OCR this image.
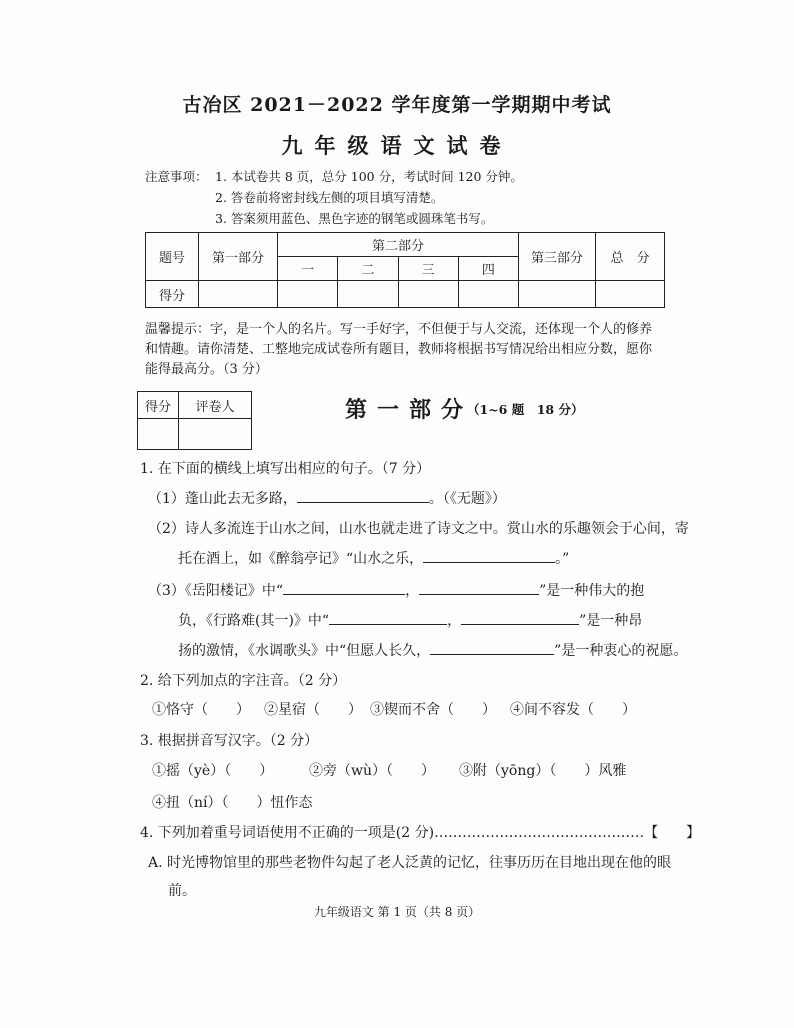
古冶区 2021－2022 学年度第一学期期中考试
九年级语文试卷
注意事项： 1. 本试卷共 8 页，总分 100 分，考试时间 120 分钟。
2. 答卷前将密封线左侧的项目填写清楚。
3. 答案须用蓝色、黑色字迹的钢笔或圆珠笔书写。
题号	第一部分	第二部分				第三部分	总　分
		一	二	三	四		
得分							
温馨提示：字，是一个人的名片。写一手好字，不但便于与人交流，还体现一个人的修养
和情趣。请你清楚、工整地完成试卷所有题目，教师将根据书写情况给出相应分数，愿你
能得最高分。（3 分）
得分	评卷人
		第一部分
（1~6 题　18 分）
1. 在下面的横线上填写出相应的句子。（7 分）
（1）蓬山此去无多路，	。（《无题》）
（2）诗人多流连于山水之间，山水也就走进了诗文之中。赏山水的乐趣领会于心间，寄
托在酒上，如《醉翁亭记》“山水之乐，	。”
（3）《岳阳楼记》中“	，	”是一种伟大的抱
负，《行路难(其一)》中“	，	”是一种昂
扬的激情，《水调歌头》中“但愿人长久，	”是一种衷心的祝愿。
2. 给下列加点的字注音。（2 分）
①恪守（　　） ②星宿（　　） ③锲而不舍（　　） ④间不容发（　　）
3. 根据拼音写汉字。（2 分）
①摇（yè）（　　）	②旁（wù）（　　） ③附（yōng）（　　）风雅
④扭（ní）（　　）忸作态
4. 下列加着重号词语使用不正确的一项是(2 分)………………………………………【　　】
A. 时光博物馆里的那些老物件勾起了老人泛黄的记忆，往事历历在目地出现在他的眼
前。
九年级语文 第 1 页（共 8 页）
